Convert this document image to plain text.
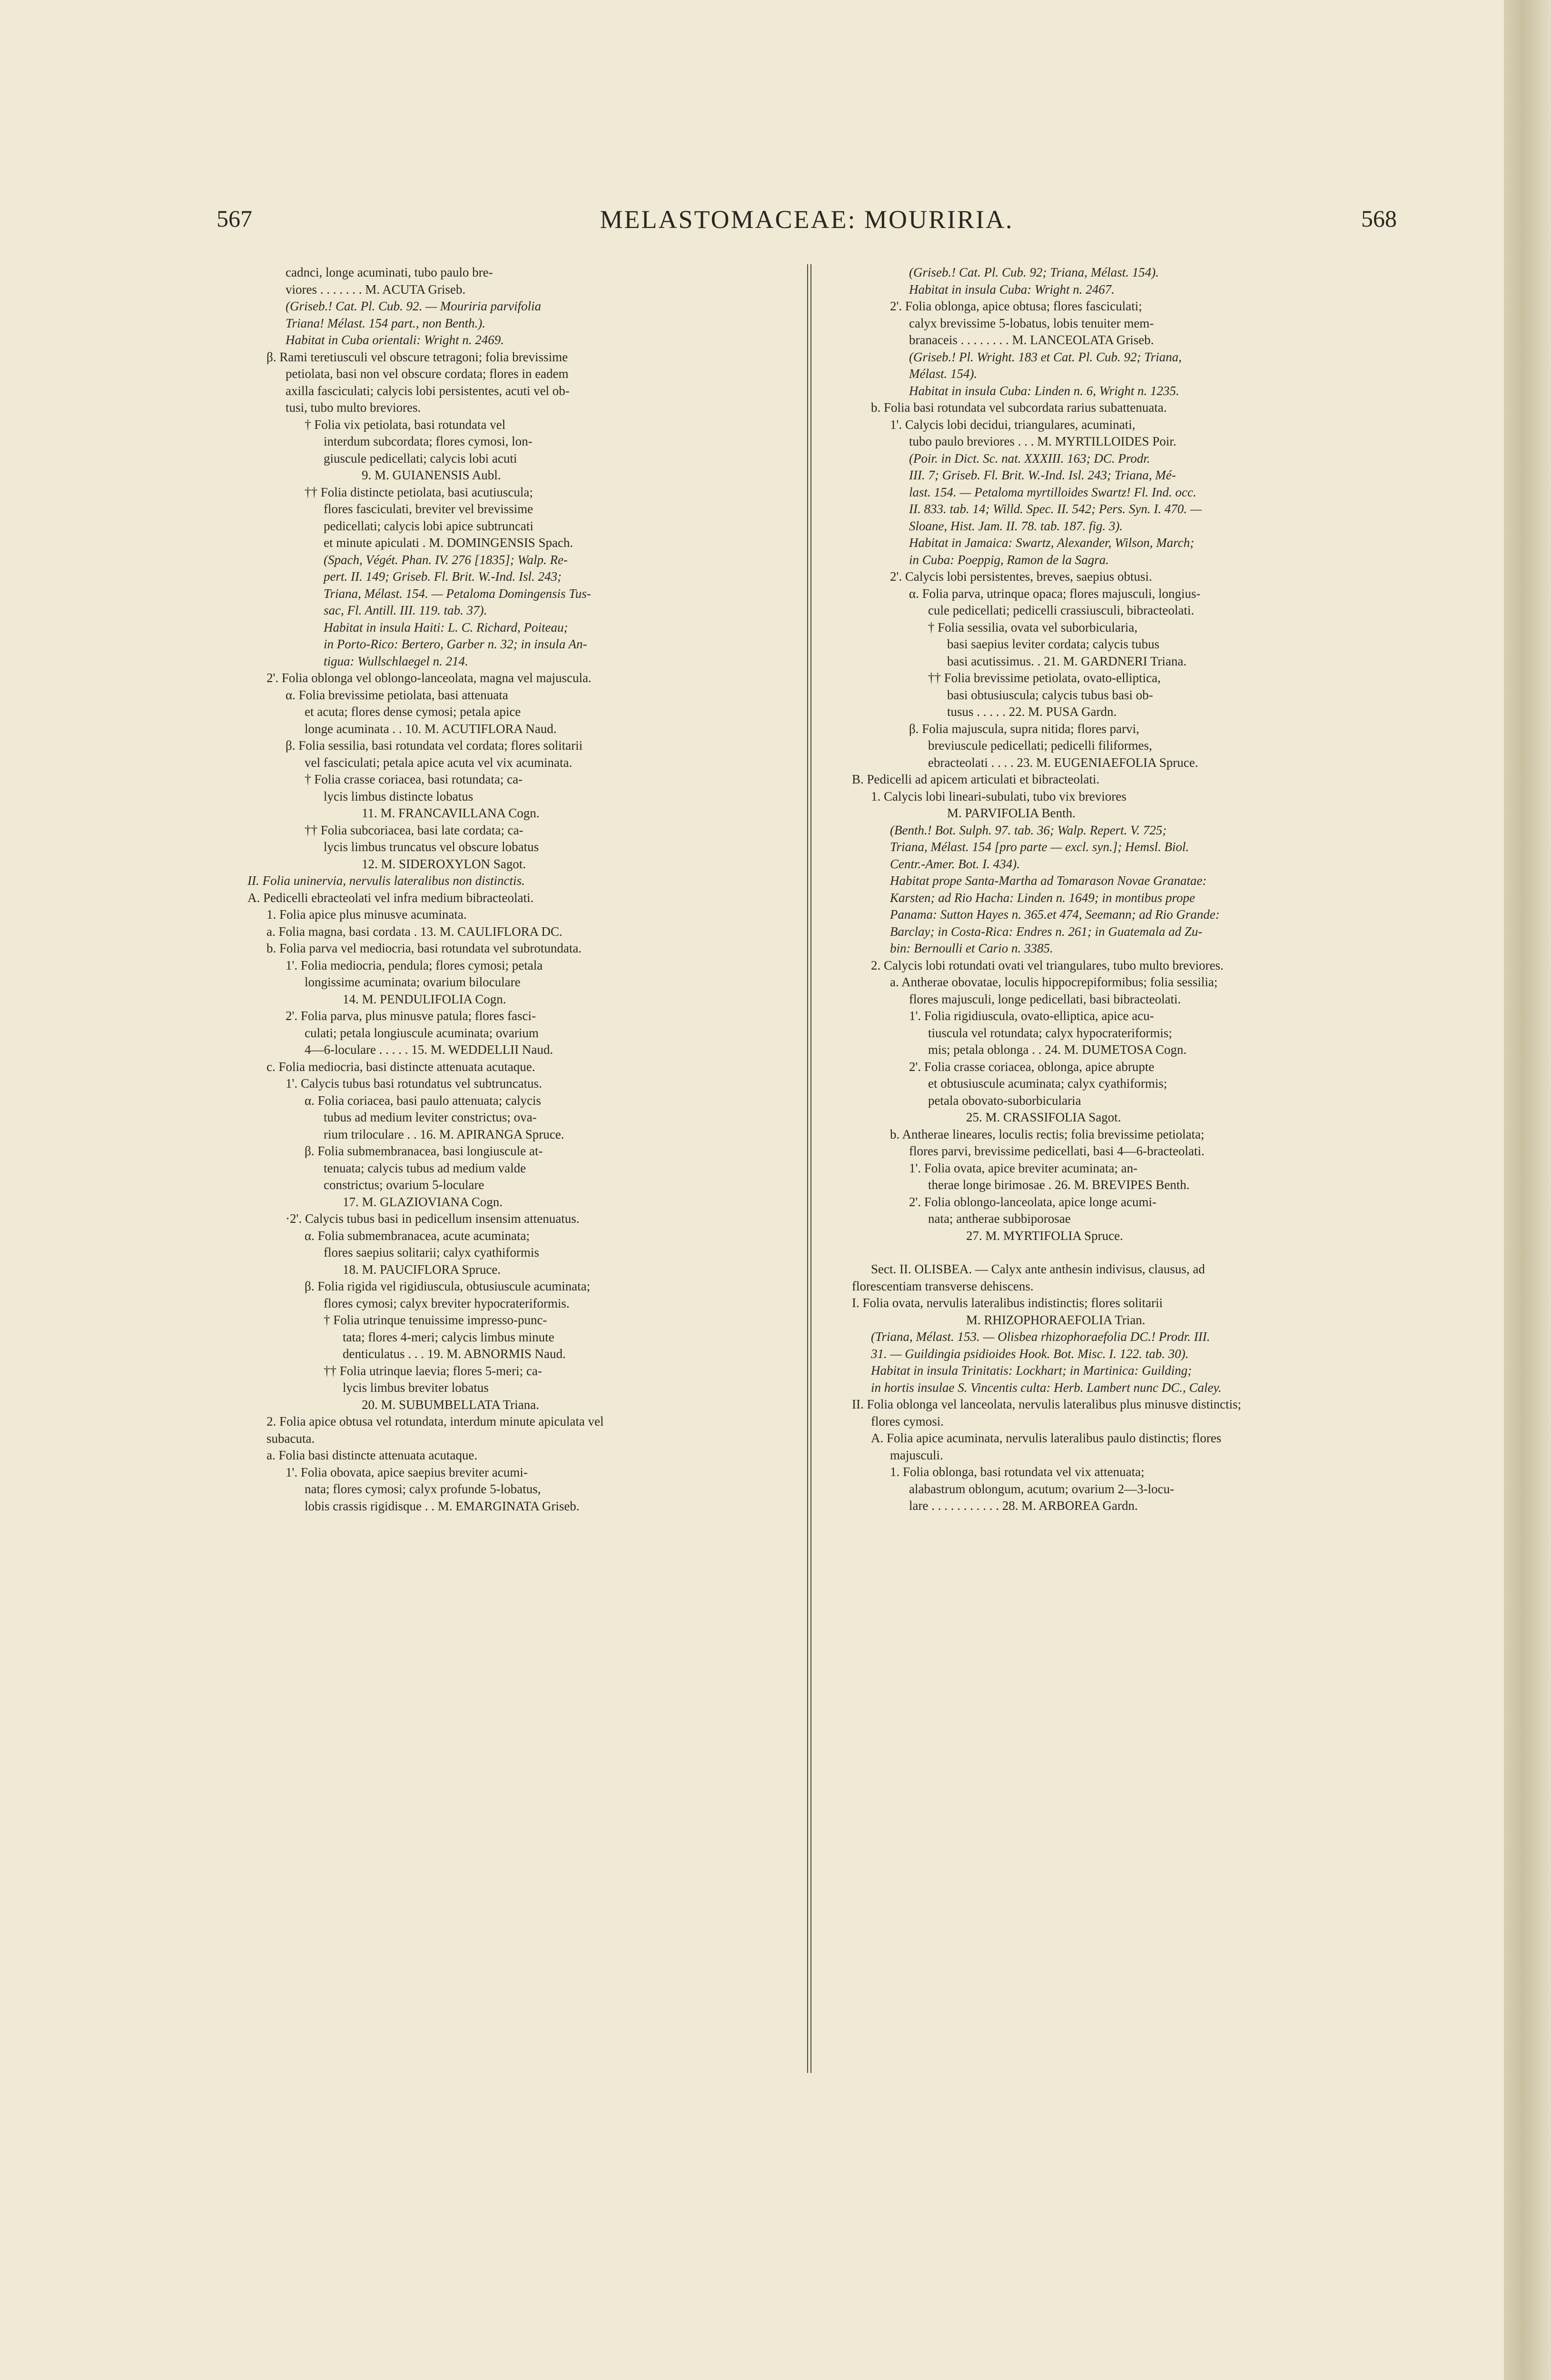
567	MELASTOMACEAE: MOURIRIA.	568
cadnci, longe acuminati, tubo paulo bre-
viores . . . . . . . M. ACUTA Griseb.
(Griseb.! Cat. Pl. Cub. 92. — Mouriria parvifolia
Triana! Mélast. 154 part., non Benth.).
Habitat in Cuba orientali: Wright n. 2469.
β. Rami teretiusculi vel obscure tetragoni; folia brevissime
petiolata, basi non vel obscure cordata; flores in eadem
axilla fasciculati; calycis lobi persistentes, acuti vel ob-
tusi, tubo multo breviores.
† Folia vix petiolata, basi rotundata vel
interdum subcordata; flores cymosi, lon-
giuscule pedicellati; calycis lobi acuti
9. M. GUIANENSIS Aubl.
†† Folia distincte petiolata, basi acutiuscula;
flores fasciculati, breviter vel brevissime
pedicellati; calycis lobi apice subtruncati
et minute apiculati . M. DOMINGENSIS Spach.
(Spach, Végét. Phan. IV. 276 [1835]; Walp. Re-
pert. II. 149; Griseb. Fl. Brit. W.-Ind. Isl. 243;
Triana, Mélast. 154. — Petaloma Domingensis Tus-
sac, Fl. Antill. III. 119. tab. 37).
Habitat in insula Haiti: L. C. Richard, Poiteau;
in Porto-Rico: Bertero, Garber n. 32; in insula An-
tigua: Wullschlaegel n. 214.
2'. Folia oblonga vel oblongo-lanceolata, magna vel majuscula.
α. Folia brevissime petiolata, basi attenuata
et acuta; flores dense cymosi; petala apice
longe acuminata . . 10. M. ACUTIFLORA Naud.
β. Folia sessilia, basi rotundata vel cordata; flores solitarii
vel fasciculati; petala apice acuta vel vix acuminata.
† Folia crasse coriacea, basi rotundata; ca-
lycis limbus distincte lobatus
11. M. FRANCAVILLANA Cogn.
†† Folia subcoriacea, basi late cordata; ca-
lycis limbus truncatus vel obscure lobatus
12. M. SIDEROXYLON Sagot.
II. Folia uninervia, nervulis lateralibus non distinctis.
A. Pedicelli ebracteolati vel infra medium bibracteolati.
1. Folia apice plus minusve acuminata.
a. Folia magna, basi cordata . 13. M. CAULIFLORA DC.
b. Folia parva vel mediocria, basi rotundata vel subrotundata.
1'. Folia mediocria, pendula; flores cymosi; petala
longissime acuminata; ovarium biloculare
14. M. PENDULIFOLIA Cogn.
2'. Folia parva, plus minusve patula; flores fasci-
culati; petala longiuscule acuminata; ovarium
4—6-loculare . . . . . 15. M. WEDDELLII Naud.
c. Folia mediocria, basi distincte attenuata acutaque.
1'. Calycis tubus basi rotundatus vel subtruncatus.
α. Folia coriacea, basi paulo attenuata; calycis
tubus ad medium leviter constrictus; ova-
rium triloculare . . 16. M. APIRANGA Spruce.
β. Folia submembranacea, basi longiuscule at-
tenuata; calycis tubus ad medium valde
constrictus; ovarium 5-loculare
17. M. GLAZIOVIANA Cogn.
·2'. Calycis tubus basi in pedicellum insensim attenuatus.
α. Folia submembranacea, acute acuminata;
flores saepius solitarii; calyx cyathiformis
18. M. PAUCIFLORA Spruce.
β. Folia rigida vel rigidiuscula, obtusiuscule acuminata;
flores cymosi; calyx breviter hypocrateriformis.
† Folia utrinque tenuissime impresso-punc-
tata; flores 4-meri; calycis limbus minute
denticulatus . . . 19. M. ABNORMIS Naud.
†† Folia utrinque laevia; flores 5-meri; ca-
lycis limbus breviter lobatus
20. M. SUBUMBELLATA Triana.
2. Folia apice obtusa vel rotundata, interdum minute apiculata vel
subacuta.
a. Folia basi distincte attenuata acutaque.
1'. Folia obovata, apice saepius breviter acumi-
nata; flores cymosi; calyx profunde 5-lobatus,
lobis crassis rigidisque . . M. EMARGINATA Griseb.
(Griseb.! Cat. Pl. Cub. 92; Triana, Mélast. 154).
Habitat in insula Cuba: Wright n. 2467.
2'. Folia oblonga, apice obtusa; flores fasciculati;
calyx brevissime 5-lobatus, lobis tenuiter mem-
branaceis . . . . . . . . M. LANCEOLATA Griseb.
(Griseb.! Pl. Wright. 183 et Cat. Pl. Cub. 92; Triana,
Mélast. 154).
Habitat in insula Cuba: Linden n. 6, Wright n. 1235.
b. Folia basi rotundata vel subcordata rarius subattenuata.
1'. Calycis lobi decidui, triangulares, acuminati,
tubo paulo breviores . . . M. MYRTILLOIDES Poir.
(Poir. in Dict. Sc. nat. XXXIII. 163; DC. Prodr.
III. 7; Griseb. Fl. Brit. W.-Ind. Isl. 243; Triana, Mé-
last. 154. — Petaloma myrtilloides Swartz! Fl. Ind. occ.
II. 833. tab. 14; Willd. Spec. II. 542; Pers. Syn. I. 470. —
Sloane, Hist. Jam. II. 78. tab. 187. fig. 3).
Habitat in Jamaica: Swartz, Alexander, Wilson, March;
in Cuba: Poeppig, Ramon de la Sagra.
2'. Calycis lobi persistentes, breves, saepius obtusi.
α. Folia parva, utrinque opaca; flores majusculi, longius-
cule pedicellati; pedicelli crassiusculi, bibracteolati.
† Folia sessilia, ovata vel suborbicularia,
basi saepius leviter cordata; calycis tubus
basi acutissimus. . 21. M. GARDNERI Triana.
†† Folia brevissime petiolata, ovato-elliptica,
basi obtusiuscula; calycis tubus basi ob-
tusus . . . . . 22. M. PUSA Gardn.
β. Folia majuscula, supra nitida; flores parvi,
breviuscule pedicellati; pedicelli filiformes,
ebracteolati . . . . 23. M. EUGENIAEFOLIA Spruce.
B. Pedicelli ad apicem articulati et bibracteolati.
1. Calycis lobi lineari-subulati, tubo vix breviores
M. PARVIFOLIA Benth.
(Benth.! Bot. Sulph. 97. tab. 36; Walp. Repert. V. 725;
Triana, Mélast. 154 [pro parte — excl. syn.]; Hemsl. Biol.
Centr.-Amer. Bot. I. 434).
Habitat prope Santa-Martha ad Tomarason Novae Granatae:
Karsten; ad Rio Hacha: Linden n. 1649; in montibus prope
Panama: Sutton Hayes n. 365.et 474, Seemann; ad Rio Grande:
Barclay; in Costa-Rica: Endres n. 261; in Guatemala ad Zu-
bin: Bernoulli et Cario n. 3385.
2. Calycis lobi rotundati ovati vel triangulares, tubo multo breviores.
a. Antherae obovatae, loculis hippocrepiformibus; folia sessilia;
flores majusculi, longe pedicellati, basi bibracteolati.
1'. Folia rigidiuscula, ovato-elliptica, apice acu-
tiuscula vel rotundata; calyx hypocrateriformis;
mis; petala oblonga . . 24. M. DUMETOSA Cogn.
2'. Folia crasse coriacea, oblonga, apice abrupte
et obtusiuscule acuminata; calyx cyathiformis;
petala obovato-suborbicularia
25. M. CRASSIFOLIA Sagot.
b. Antherae lineares, loculis rectis; folia brevissime petiolata;
flores parvi, brevissime pedicellati, basi 4—6-bracteolati.
1'. Folia ovata, apice breviter acuminata; an-
therae longe birimosae . 26. M. BREVIPES Benth.
2'. Folia oblongo-lanceolata, apice longe acumi-
nata; antherae subbiporosae
27. M. MYRTIFOLIA Spruce.
Sect. II. OLISBEA. — Calyx ante anthesin indivisus, clausus, ad
florescentiam transverse dehiscens.
I. Folia ovata, nervulis lateralibus indistinctis; flores solitarii
M. RHIZOPHORAEFOLIA Trian.
(Triana, Mélast. 153. — Olisbea rhizophoraefolia DC.! Prodr. III.
31. — Guildingia psidioides Hook. Bot. Misc. I. 122. tab. 30).
Habitat in insula Trinitatis: Lockhart; in Martinica: Guilding;
in hortis insulae S. Vincentis culta: Herb. Lambert nunc DC., Caley.
II. Folia oblonga vel lanceolata, nervulis lateralibus plus minusve distinctis;
flores cymosi.
A. Folia apice acuminata, nervulis lateralibus paulo distinctis; flores
majusculi.
1. Folia oblonga, basi rotundata vel vix attenuata;
alabastrum oblongum, acutum; ovarium 2—3-locu-
lare . . . . . . . . . . . 28. M. ARBOREA Gardn.
